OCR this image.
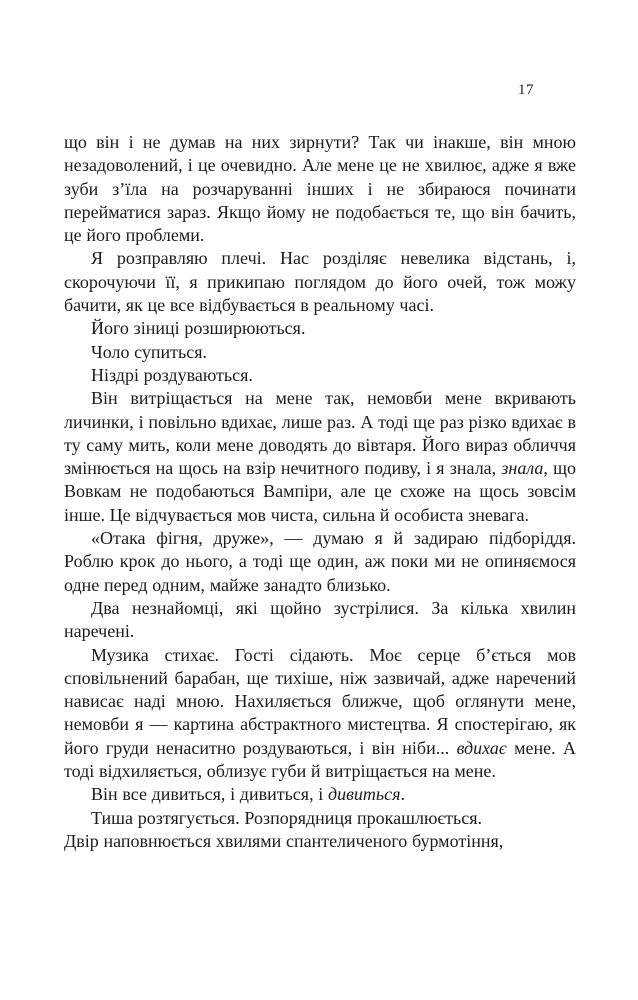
17

що він і не думав на них зирнути? Так чи інакше, він мною незадоволений, і це очевидно. Але мене це не хвилює, адже я вже зуби з’їла на розчаруванні інших і не збираюся починати перейматися зараз. Якщо йому не подобається те, що він бачить, це його проблеми.

Я розправляю плечі. Нас розділяє невелика відстань, і, скорочуючи її, я прикипаю поглядом до його очей, тож можу бачити, як це все відбувається в реальному часі.

Його зіниці розширюються.

Чоло супиться.

Ніздрі роздуваються.

Він витріщається на мене так, немовби мене вкривають личинки, і повільно вдихає, лише раз. А тоді ще раз різко вдихає в ту саму мить, коли мене доводять до вівтаря. Його вираз обличчя змінюється на щось на взір нечитного подиву, і я знала, знала, що Вовкам не подобаються Вампіри, але це схоже на щось зовсім інше. Це відчувається мов чиста, сильна й особиста зневага.

«Отака фігня, друже», — думаю я й задираю підборіддя. Роблю крок до нього, а тоді ще один, аж поки ми не опиняємося одне перед одним, майже занадто близько.

Два незнайомці, які щойно зустрілися. За кілька хвилин наречені.

Музика стихає. Гості сідають. Моє серце б’ється мов сповільнений барабан, ще тихіше, ніж зазвичай, адже наречений нависає наді мною. Нахиляється ближче, щоб оглянути мене, немовби я — картина абстрактного мистецтва. Я спостерігаю, як його груди ненаситно роздуваються, і він ніби... вдихає мене. А тоді відхиляється, облизує губи й витріщається на мене.

Він все дивиться, і дивиться, і дивиться.

Тиша розтягується. Розпорядниця прокашлюється.

Двір наповнюється хвилями спантеличеного бурмотіння,
